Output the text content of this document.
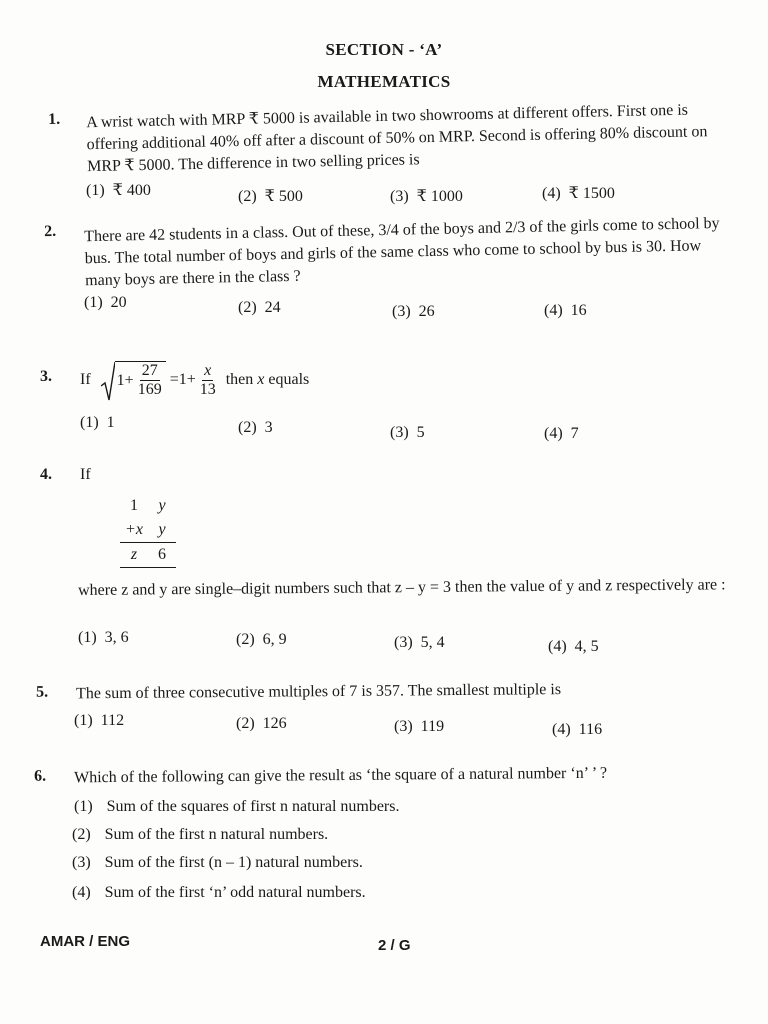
SECTION - ‘A’
MATHEMATICS
1. A wrist watch with MRP ₹ 5000 is available in two showrooms at different offers. First one is offering additional 40% off after a discount of 50% on MRP. Second is offering 80% discount on MRP ₹ 5000. The difference in two selling prices is
(1) ₹ 400	(2) ₹ 500	(3) ₹ 1000	(4) ₹ 1500
2. There are 42 students in a class. Out of these, 3/4 of the boys and 2/3 of the girls come to school by bus. The total number of boys and girls of the same class who come to school by bus is 30. How many boys are there in the class ?
(1) 20	(2) 24	(3) 26	(4) 16
3. If $1+ \frac{27}{169} =1+ \frac{x}{13}$ then x equals
(1) 1	(2) 3	(3) 5	(4) 7
4. If
1	y
+x y
z	6
where z and y are single–digit numbers such that z – y = 3 then the value of y and z respectively are :
(1) 3, 6	(2) 6, 9	(3) 5, 4	(4) 4, 5
5. The sum of three consecutive multiples of 7 is 357. The smallest multiple is
(1) 112	(2) 126	(3) 119	(4) 116
6. Which of the following can give the result as ‘the square of a natural number ‘n’ ’ ?
(1) Sum of the squares of first n natural numbers.
(2) Sum of the first n natural numbers.
(3) Sum of the first (n – 1) natural numbers.
(4) Sum of the first ‘n’ odd natural numbers.
AMAR / ENG	2 / G
